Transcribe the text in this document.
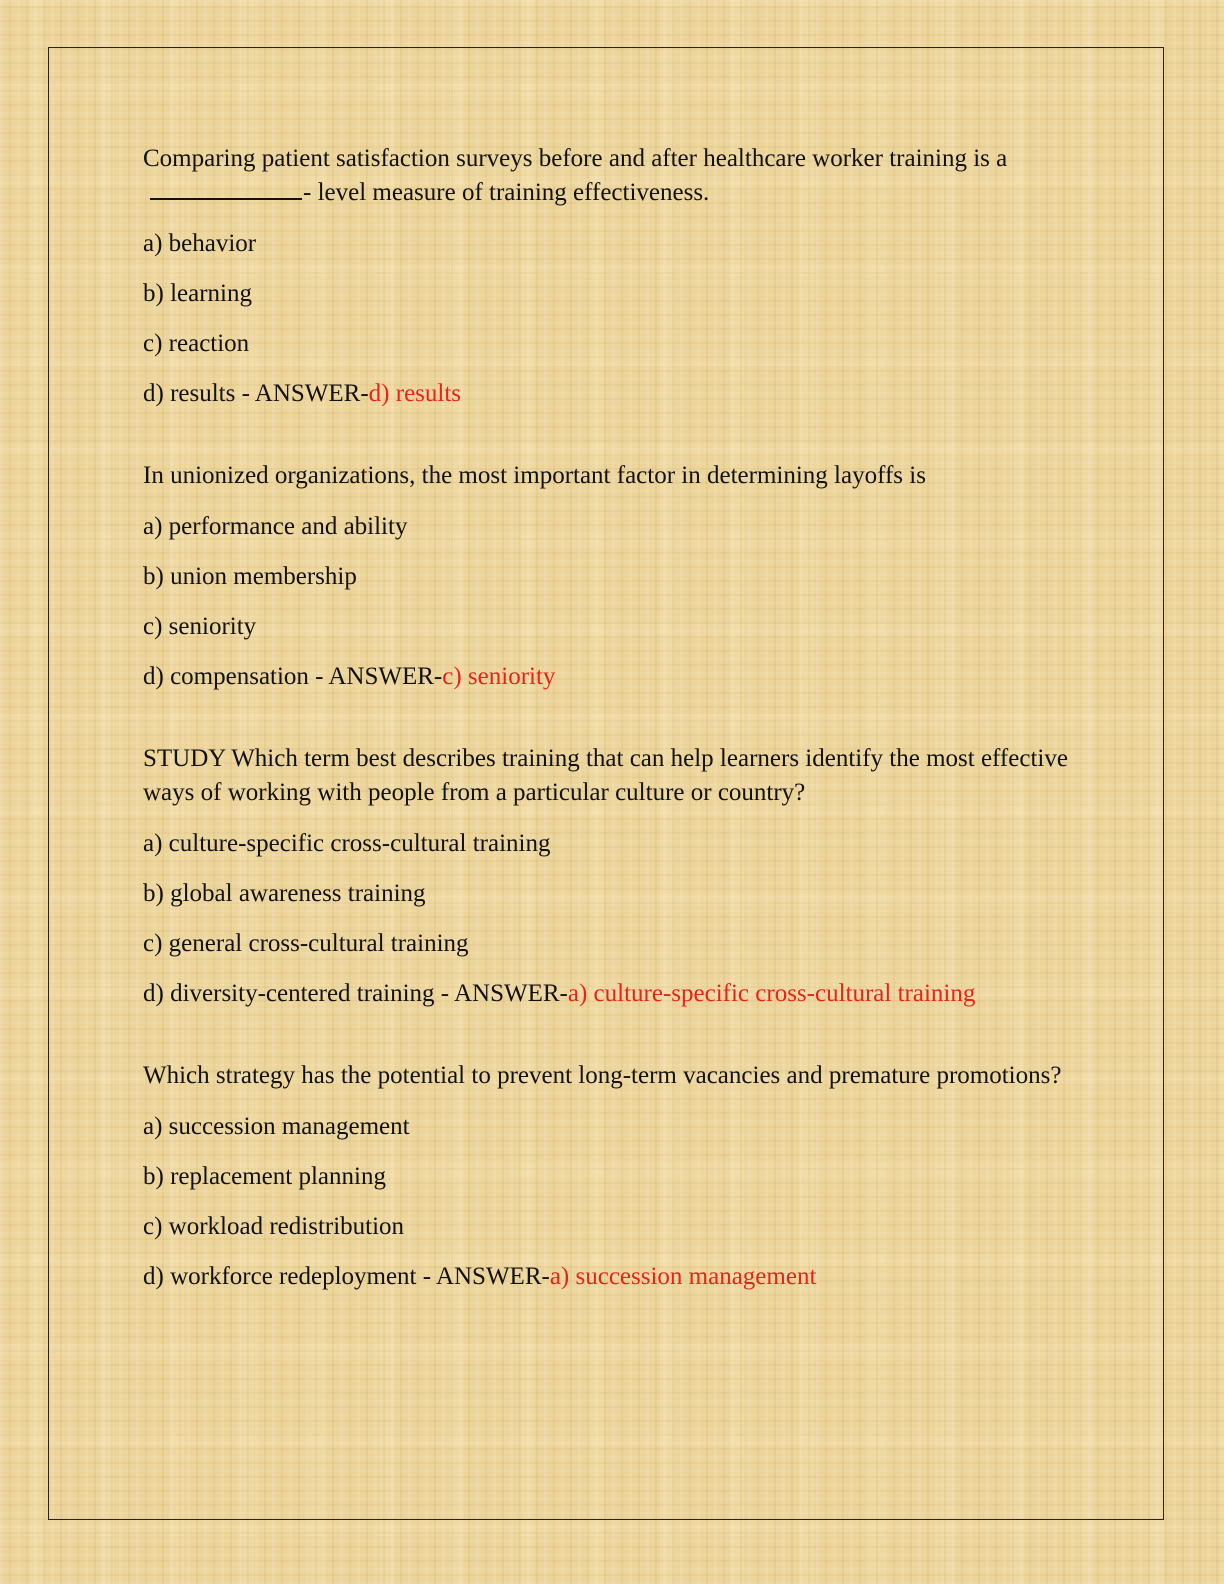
Comparing patient satisfaction surveys before and after healthcare worker training is a- level measure of training effectiveness.

a) behavior

b) learning

c) reaction

d) results - ANSWER-d) results

In unionized organizations, the most important factor in determining layoffs is

a) performance and ability

b) union membership

c) seniority

d) compensation - ANSWER-c) seniority

STUDY Which term best describes training that can help learners identify the most effective ways of working with people from a particular culture or country?

a) culture-specific cross-cultural training

b) global awareness training

c) general cross-cultural training

d) diversity-centered training - ANSWER-a) culture-specific cross-cultural training

Which strategy has the potential to prevent long-term vacancies and premature promotions?

a) succession management

b) replacement planning

c) workload redistribution

d) workforce redeployment - ANSWER-a) succession management
